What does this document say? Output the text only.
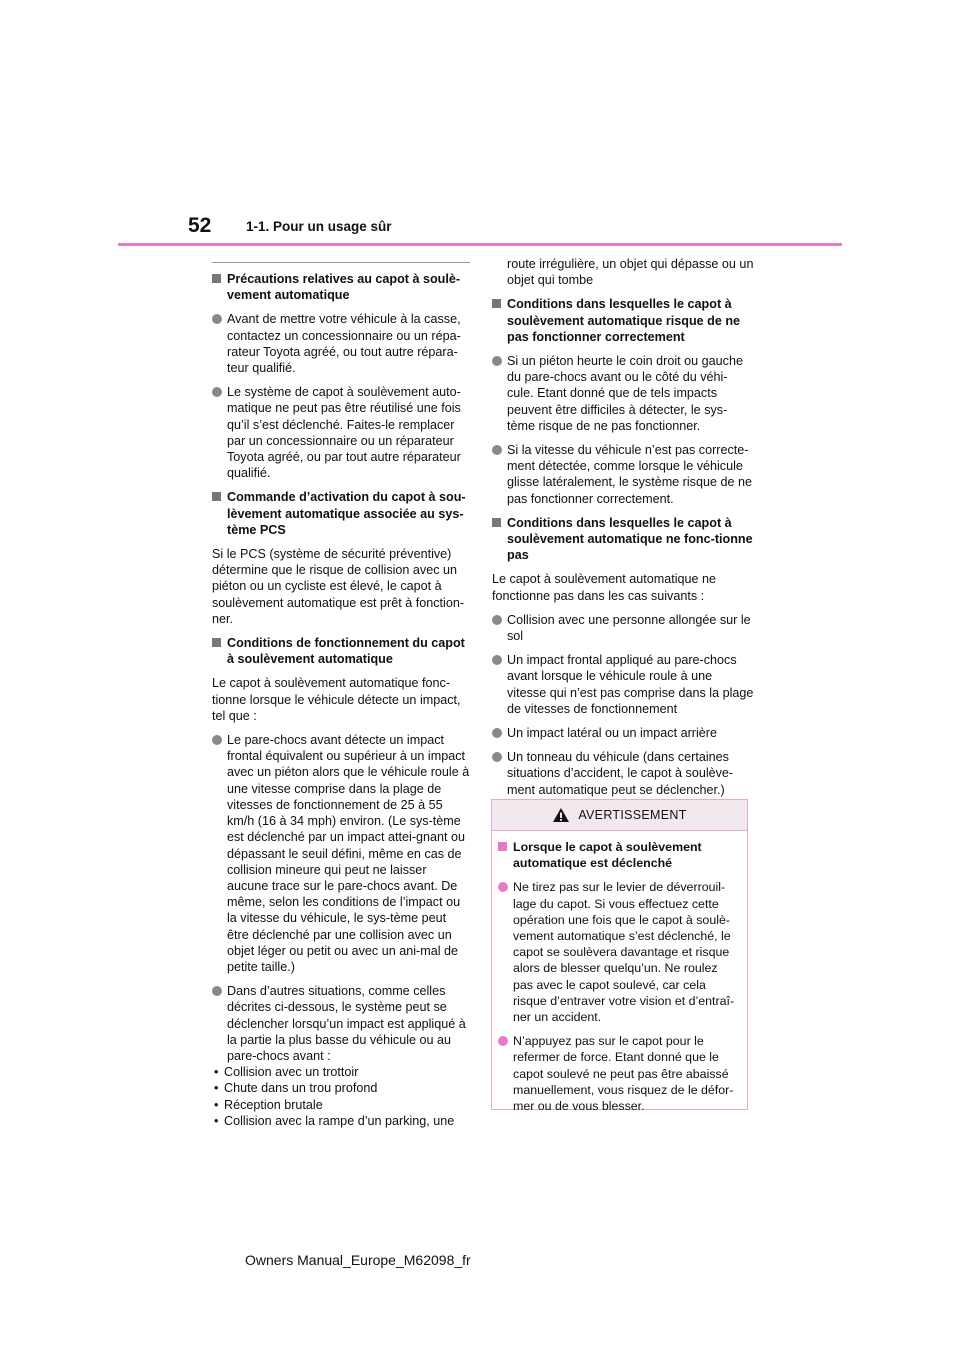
52	1-1. Pour un usage sûr
Précautions relatives au capot à soulè-vement automatique
Avant de mettre votre véhicule à la casse, contactez un concessionnaire ou un répa-rateur Toyota agréé, ou tout autre répara-teur qualifié.
Le système de capot à soulèvement auto-matique ne peut pas être réutilisé une fois qu’il s’est déclenché. Faites-le remplacer par un concessionnaire ou un réparateur Toyota agréé, ou par tout autre réparateur qualifié.
Commande d’activation du capot à sou-lèvement automatique associée au sys-tème PCS
Si le PCS (système de sécurité préventive) détermine que le risque de collision avec un piéton ou un cycliste est élevé, le capot à soulèvement automatique est prêt à fonction-ner.
Conditions de fonctionnement du capot à soulèvement automatique
Le capot à soulèvement automatique fonc-tionne lorsque le véhicule détecte un impact, tel que :
Le pare-chocs avant détecte un impact frontal équivalent ou supérieur à un impact avec un piéton alors que le véhicule roule à une vitesse comprise dans la plage de vitesses de fonctionnement de 25 à 55 km/h (16 à 34 mph) environ. (Le sys-tème est déclenché par un impact attei-gnant ou dépassant le seuil défini, même en cas de collision mineure qui peut ne laisser aucune trace sur le pare-chocs avant. De même, selon les conditions de l’impact ou la vitesse du véhicule, le sys-tème peut être déclenché par une collision avec un objet léger ou petit ou avec un ani-mal de petite taille.)
Dans d’autres situations, comme celles décrites ci-dessous, le système peut se déclencher lorsqu’un impact est appliqué à la partie la plus basse du véhicule ou au pare-chocs avant :
• Collision avec un trottoir
• Chute dans un trou profond
• Réception brutale
• Collision avec la rampe d’un parking, une
route irrégulière, un objet qui dépasse ou un objet qui tombe
Conditions dans lesquelles le capot à soulèvement automatique risque de ne pas fonctionner correctement
Si un piéton heurte le coin droit ou gauche du pare-chocs avant ou le côté du véhi-cule. Etant donné que de tels impacts peuvent être difficiles à détecter, le sys-tème risque de ne pas fonctionner.
Si la vitesse du véhicule n’est pas correcte-ment détectée, comme lorsque le véhicule glisse latéralement, le système risque de ne pas fonctionner correctement.
Conditions dans lesquelles le capot à soulèvement automatique ne fonc-tionne pas
Le capot à soulèvement automatique ne fonctionne pas dans les cas suivants :
Collision avec une personne allongée sur le sol
Un impact frontal appliqué au pare-chocs avant lorsque le véhicule roule à une vitesse qui n’est pas comprise dans la plage de vitesses de fonctionnement
Un impact latéral ou un impact arrière
Un tonneau du véhicule (dans certaines situations d’accident, le capot à soulève-ment automatique peut se déclencher.)
AVERTISSEMENT
Lorsque le capot à soulèvement automatique est déclenché
Ne tirez pas sur le levier de déverrouil-lage du capot. Si vous effectuez cette opération une fois que le capot à soulè-vement automatique s’est déclenché, le capot se soulèvera davantage et risque alors de blesser quelqu’un. Ne roulez pas avec le capot soulevé, car cela risque d’entraver votre vision et d’entraî-ner un accident.
N’appuyez pas sur le capot pour le refermer de force. Etant donné que le capot soulevé ne peut pas être abaissé manuellement, vous risquez de le défor-mer ou de vous blesser.
Owners Manual_Europe_M62098_fr
